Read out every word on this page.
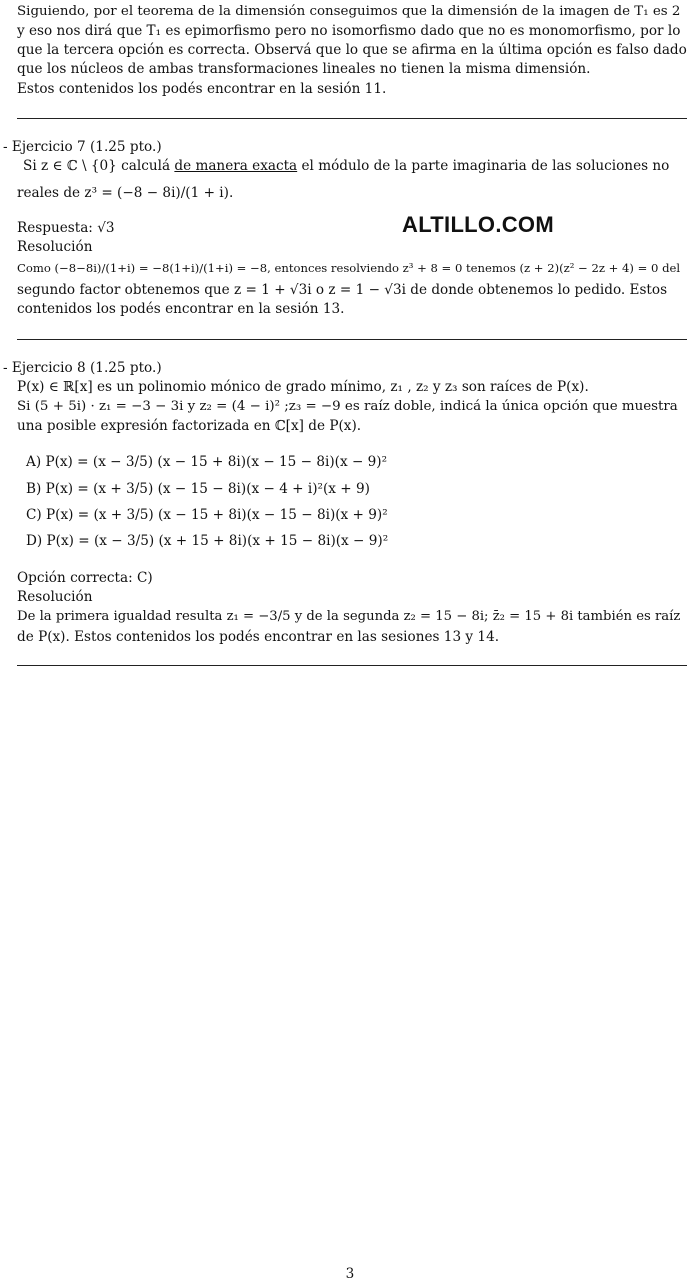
Siguiendo, por el teorema de la dimensión conseguimos que la dimensión de la imagen de T₁ es 2
y eso nos dirá que T₁ es epimorfismo pero no isomorfismo dado que no es monomorfismo, por lo
que la tercera opción es correcta. Observá que lo que se afirma en la última opción es falso dado
que los núcleos de ambas transformaciones lineales no tienen la misma dimensión.
Estos contenidos los podés encontrar en la sesión 11.
- Ejercicio 7 (1.25 pto.)
Si z ∈ ℂ \ {0} calculá de manera exacta el módulo de la parte imaginaria de las soluciones no
reales de z³ = (−8 − 8i)/(1 + i).
Respuesta: √3
Resolución
Como (−8−8i)/(1+i) = −8(1+i)/(1+i) = −8, entonces resolviendo z³ + 8 = 0 tenemos (z + 2)(z² − 2z + 4) = 0 del
segundo factor obtenemos que z = 1 + √3i o z = 1 − √3i de donde obtenemos lo pedido. Estos
contenidos los podés encontrar en la sesión 13.
ALTILLO.COM
- Ejercicio 8 (1.25 pto.)
P(x) ∈ ℝ[x] es un polinomio mónico de grado mínimo, z₁ , z₂ y z₃ son raíces de P(x).
Si (5 + 5i) · z₁ = −3 − 3i y z₂ = (4 − i)² ;z₃ = −9 es raíz doble, indicá la única opción que muestra
una posible expresión factorizada en ℂ[x] de P(x).
A) P(x) = (x − 3/5) (x − 15 + 8i)(x − 15 − 8i)(x − 9)²
B) P(x) = (x + 3/5) (x − 15 − 8i)(x − 4 + i)²(x + 9)
C) P(x) = (x + 3/5) (x − 15 + 8i)(x − 15 − 8i)(x + 9)²
D) P(x) = (x − 3/5) (x + 15 + 8i)(x + 15 − 8i)(x − 9)²
Opción correcta: C)
Resolución
De la primera igualdad resulta z₁ = −3/5 y de la segunda z₂ = 15 − 8i; z̄₂ = 15 + 8i también es raíz
de P(x). Estos contenidos los podés encontrar en las sesiones 13 y 14.
3
